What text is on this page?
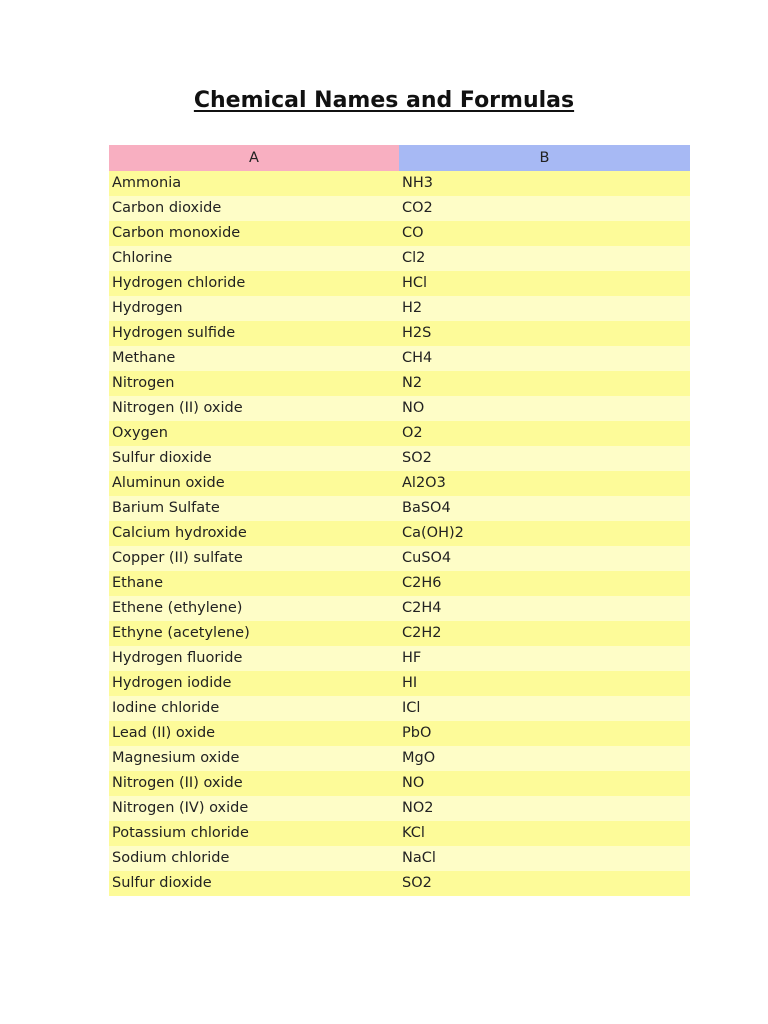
Chemical Names and Formulas
A	B
Ammonia	NH3
Carbon dioxide	CO2
Carbon monoxide	CO
Chlorine	Cl2
Hydrogen chloride	HCl
Hydrogen	H2
Hydrogen sulfide	H2S
Methane	CH4
Nitrogen	N2
Nitrogen (II) oxide	NO
Oxygen	O2
Sulfur dioxide	SO2
Aluminun oxide	Al2O3
Barium Sulfate	BaSO4
Calcium hydroxide	Ca(OH)2
Copper (II) sulfate	CuSO4
Ethane	C2H6
Ethene (ethylene)	C2H4
Ethyne (acetylene)	C2H2
Hydrogen fluoride	HF
Hydrogen iodide	HI
Iodine chloride	ICl
Lead (II) oxide	PbO
Magnesium oxide	MgO
Nitrogen (II) oxide	NO
Nitrogen (IV) oxide	NO2
Potassium chloride	KCl
Sodium chloride	NaCl
Sulfur dioxide	SO2
